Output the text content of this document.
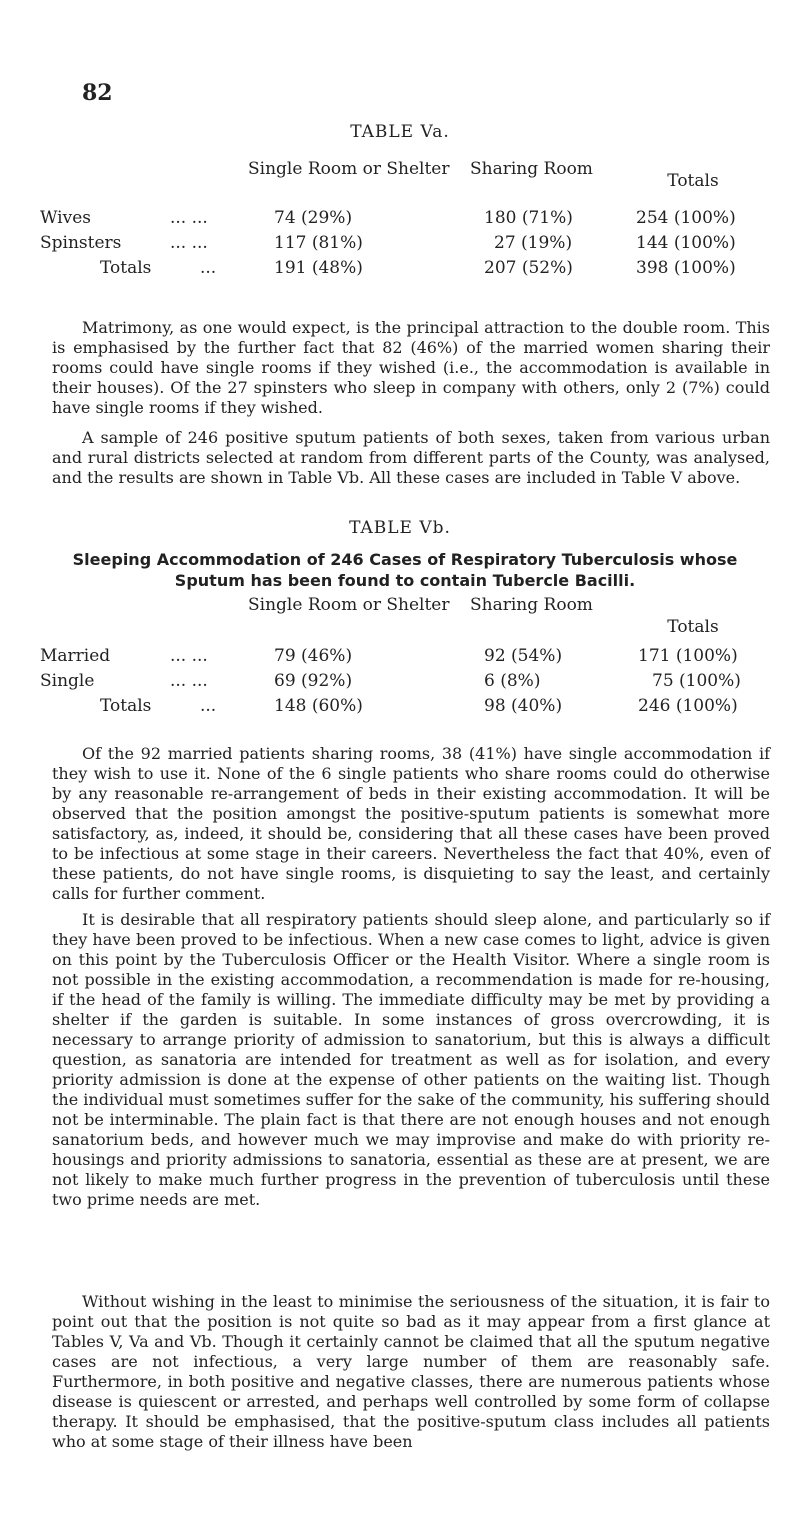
82
TABLE Va.
Single Room or Shelter Sharing Room
Totals
Wives	... ...	74 (29%)	180 (71%)	254 (100%)
Spinsters	... ...	117 (81%)	27 (19%)	144 (100%)
Totals	...	191 (48%)	207 (52%)	398 (100%)

Matrimony, as one would expect, is the principal attraction to the double room. This is emphasised by the further fact that 82 (46%) of the married women sharing their rooms could have single rooms if they wished (i.e., the accommodation is available in their houses). Of the 27 spinsters who sleep in company with others, only 2 (7%) could have single rooms if they wished.

A sample of 246 positive sputum patients of both sexes, taken from various urban and rural districts selected at random from different parts of the County, was analysed, and the results are shown in Table Vb. All these cases are included in Table V above.

TABLE Vb.
Sleeping Accommodation of 246 Cases of Respiratory Tuberculosis whose
Sputum has been found to contain Tubercle Bacilli.
Single Room or Shelter Sharing Room
Totals
Married	... ...	79 (46%)	92 (54%)	171 (100%)
Single	... ...	69 (92%)	6 (8%)	75 (100%)
Totals	...	148 (60%)	98 (40%)	246 (100%)

Of the 92 married patients sharing rooms, 38 (41%) have single accommodation if they wish to use it. None of the 6 single patients who share rooms could do otherwise by any reasonable re-arrangement of beds in their existing accommodation. It will be observed that the position amongst the positive-sputum patients is somewhat more satisfactory, as, indeed, it should be, considering that all these cases have been proved to be infectious at some stage in their careers. Nevertheless the fact that 40%, even of these patients, do not have single rooms, is disquieting to say the least, and certainly calls for further comment.

It is desirable that all respiratory patients should sleep alone, and particularly so if they have been proved to be infectious. When a new case comes to light, advice is given on this point by the Tuberculosis Officer or the Health Visitor. Where a single room is not possible in the existing accommodation, a recommendation is made for re-housing, if the head of the family is willing. The immediate difficulty may be met by providing a shelter if the garden is suitable. In some instances of gross overcrowding, it is necessary to arrange priority of admission to sanatorium, but this is always a difficult question, as sanatoria are intended for treatment as well as for isolation, and every priority admission is done at the expense of other patients on the waiting list. Though the individual must sometimes suffer for the sake of the community, his suffering should not be interminable. The plain fact is that there are not enough houses and not enough sanatorium beds, and however much we may improvise and make do with priority re-housings and priority admissions to sanatoria, essential as these are at present, we are not likely to make much further progress in the prevention of tuberculosis until these two prime needs are met.

Without wishing in the least to minimise the seriousness of the situation, it is fair to point out that the position is not quite so bad as it may appear from a first glance at Tables V, Va and Vb. Though it certainly cannot be claimed that all the sputum negative cases are not infectious, a very large number of them are reasonably safe. Furthermore, in both positive and negative classes, there are numerous patients whose disease is quiescent or arrested, and perhaps well controlled by some form of collapse therapy. It should be emphasised, that the positive-sputum class includes all patients who at some stage of their illness have been
